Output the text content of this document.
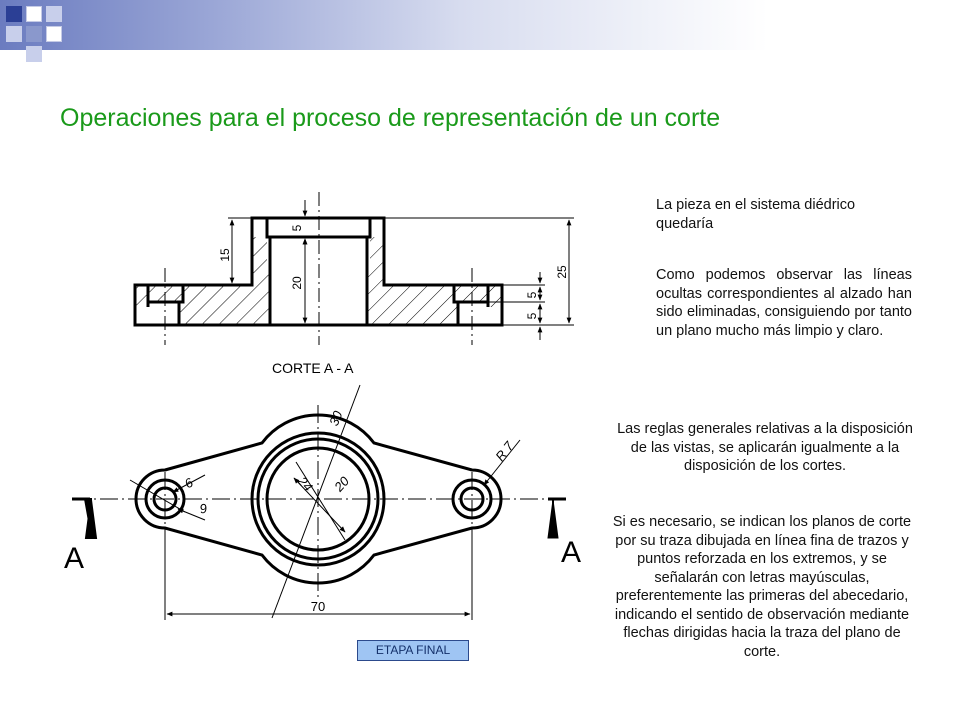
Operaciones para el proceso de representación de un corte
15
5
20
25
5
5
CORTE A - A
30
R 7
6
9
24 20
70
A	A
La pieza en el sistema diédrico quedaría
Como podemos observar las líneas ocultas correspondientes al alzado han sido eliminadas, consiguiendo por tanto un plano mucho más limpio y claro.
Las reglas generales relativas a la disposición de las vistas, se aplicarán igualmente a la disposición de los cortes.
Si es necesario, se indican los planos de corte por su traza dibujada en línea fina de trazos y puntos reforzada en los extremos, y se señalarán con letras mayúsculas, preferentemente las primeras del abecedario, indicando el sentido de observación mediante flechas dirigidas hacia la traza del plano de corte.
ETAPA FINAL
